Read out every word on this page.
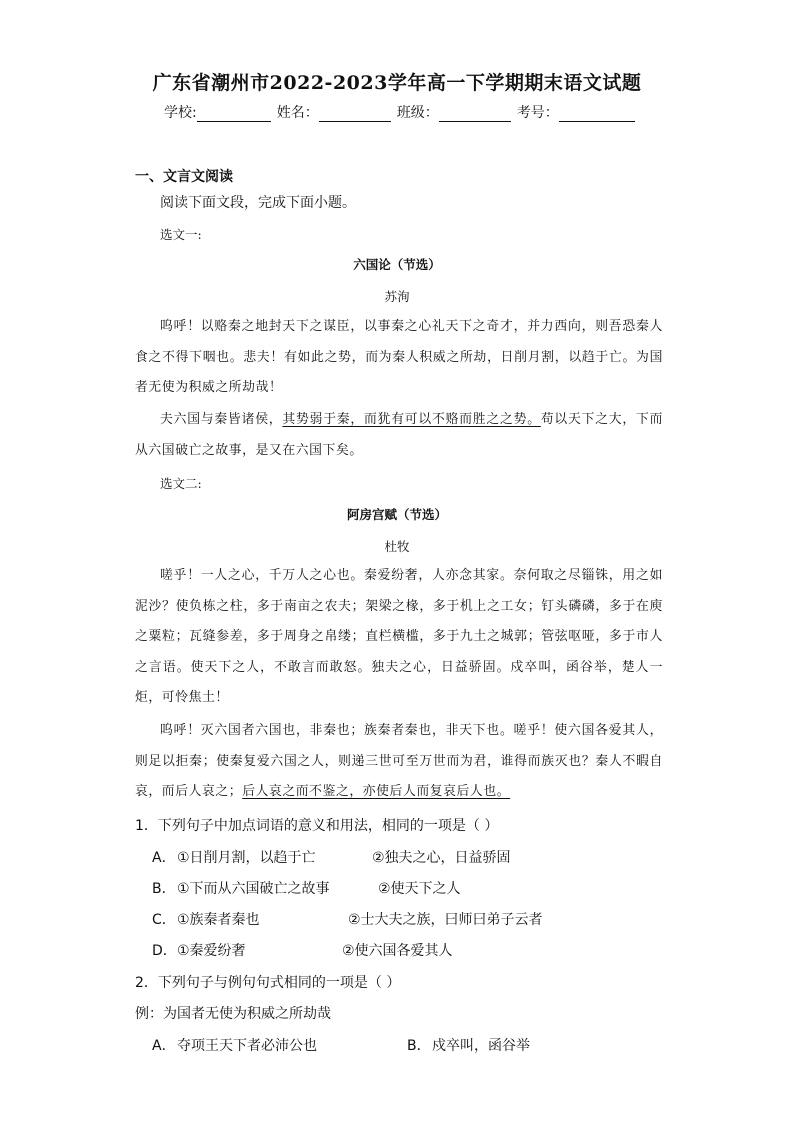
广东省潮州市2022-2023学年高一下学期期末语文试题
学校:	姓名：	班级：	考号：
一、文言文阅读
阅读下面文段，完成下面小题。
选文一:
六国论（节选）
苏洵
呜呼！以赂秦之地封天下之谋臣，以事秦之心礼天下之奇才，并力西向，则吾恐秦人食之不得下咽也。悲夫！有如此之势，而为秦人积威之所劫，日削月割，以趋于亡。为国者无使为积威之所劫哉！
夫六国与秦皆诸侯，其势弱于秦，而犹有可以不赂而胜之之势。苟以天下之大，下而从六国破亡之故事，是又在六国下矣。
选文二:
阿房宫赋（节选）
杜牧
嗟乎！一人之心，千万人之心也。秦爱纷奢，人亦念其家。奈何取之尽锱铢，用之如泥沙？使负栋之柱，多于南亩之农夫；架梁之椽，多于机上之工女；钉头磷磷，多于在庾之粟粒；瓦缝参差，多于周身之帛缕；直栏横槛，多于九土之城郭；管弦呕哑，多于市人之言语。使天下之人，不敢言而敢怒。独夫之心，日益骄固。戍卒叫，函谷举，楚人一炬，可怜焦土！
呜呼！灭六国者六国也，非秦也；族秦者秦也，非天下也。嗟乎！使六国各爱其人，则足以拒秦；使秦复爱六国之人，则递三世可至万世而为君，谁得而族灭也？秦人不暇自哀，而后人哀之；后人哀之而不鉴之，亦使后人而复哀后人也。
1．下列句子中加点词语的意义和用法，相同的一项是（ ）
A． ①日削月割，以趋于亡	②独夫之心，日益骄固
B． ①下而从六国破亡之故事	②使天下之人
C． ①族秦者秦也	②士大夫之族，曰师曰弟子云者
D． ①秦爱纷奢	②使六国各爱其人
2．下列句子与例句句式相同的一项是（ ）
例：为国者无使为积威之所劫哉
A． 夺项王天下者必沛公也	B． 戍卒叫，函谷举
